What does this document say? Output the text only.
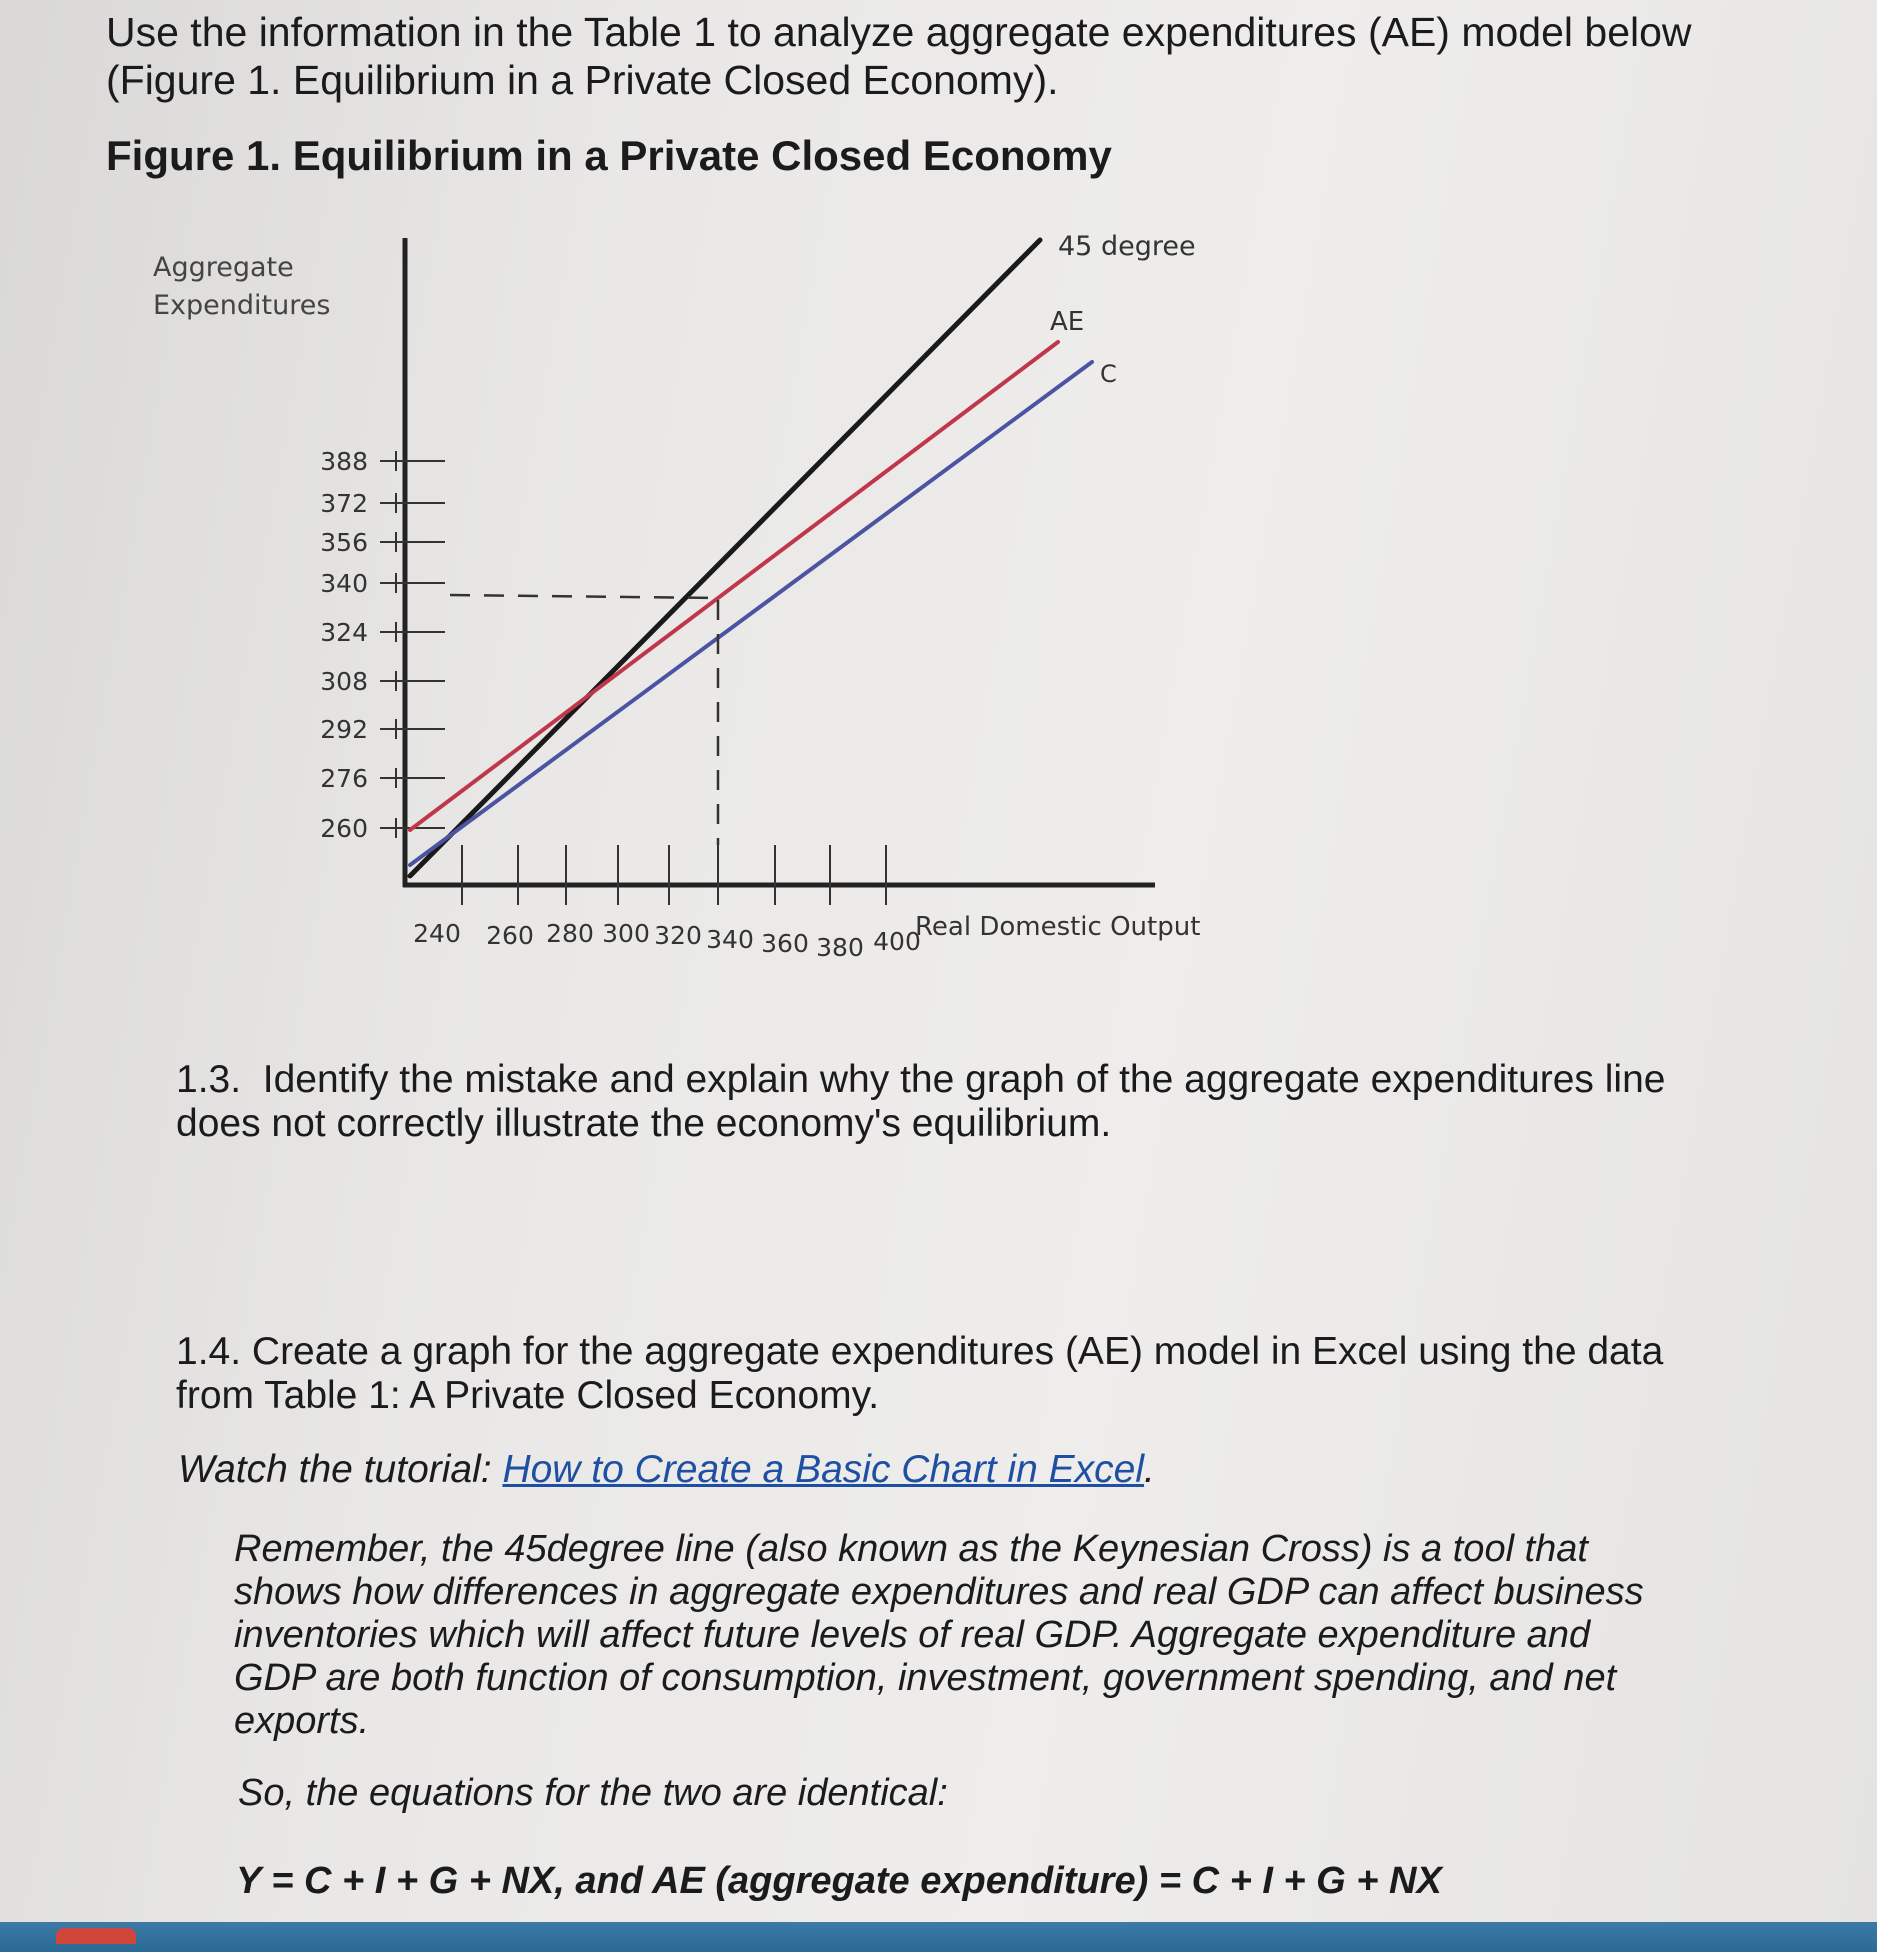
Use the information in the Table 1 to analyze aggregate expenditures (AE) model below (Figure 1. Equilibrium in a Private Closed Economy).

Figure 1. Equilibrium in a Private Closed Economy

260
276
292
308
324
340
356
372
388
240 260 280 300 320 340 360 380 400
45 degree
AE
C
Aggregate
Expenditures
Real Domestic Output

1.3. Identify the mistake and explain why the graph of the aggregate expenditures line does not correctly illustrate the economy's equilibrium.

1.4. Create a graph for the aggregate expenditures (AE) model in Excel using the data from Table 1: A Private Closed Economy.

Watch the tutorial: How to Create a Basic Chart in Excel.

Remember, the 45degree line (also known as the Keynesian Cross) is a tool that shows how differences in aggregate expenditures and real GDP can affect business inventories which will affect future levels of real GDP. Aggregate expenditure and GDP are both function of consumption, investment, government spending, and net exports.

So, the equations for the two are identical:

Y = C + I + G + NX, and AE (aggregate expenditure) = C + I + G + NX
